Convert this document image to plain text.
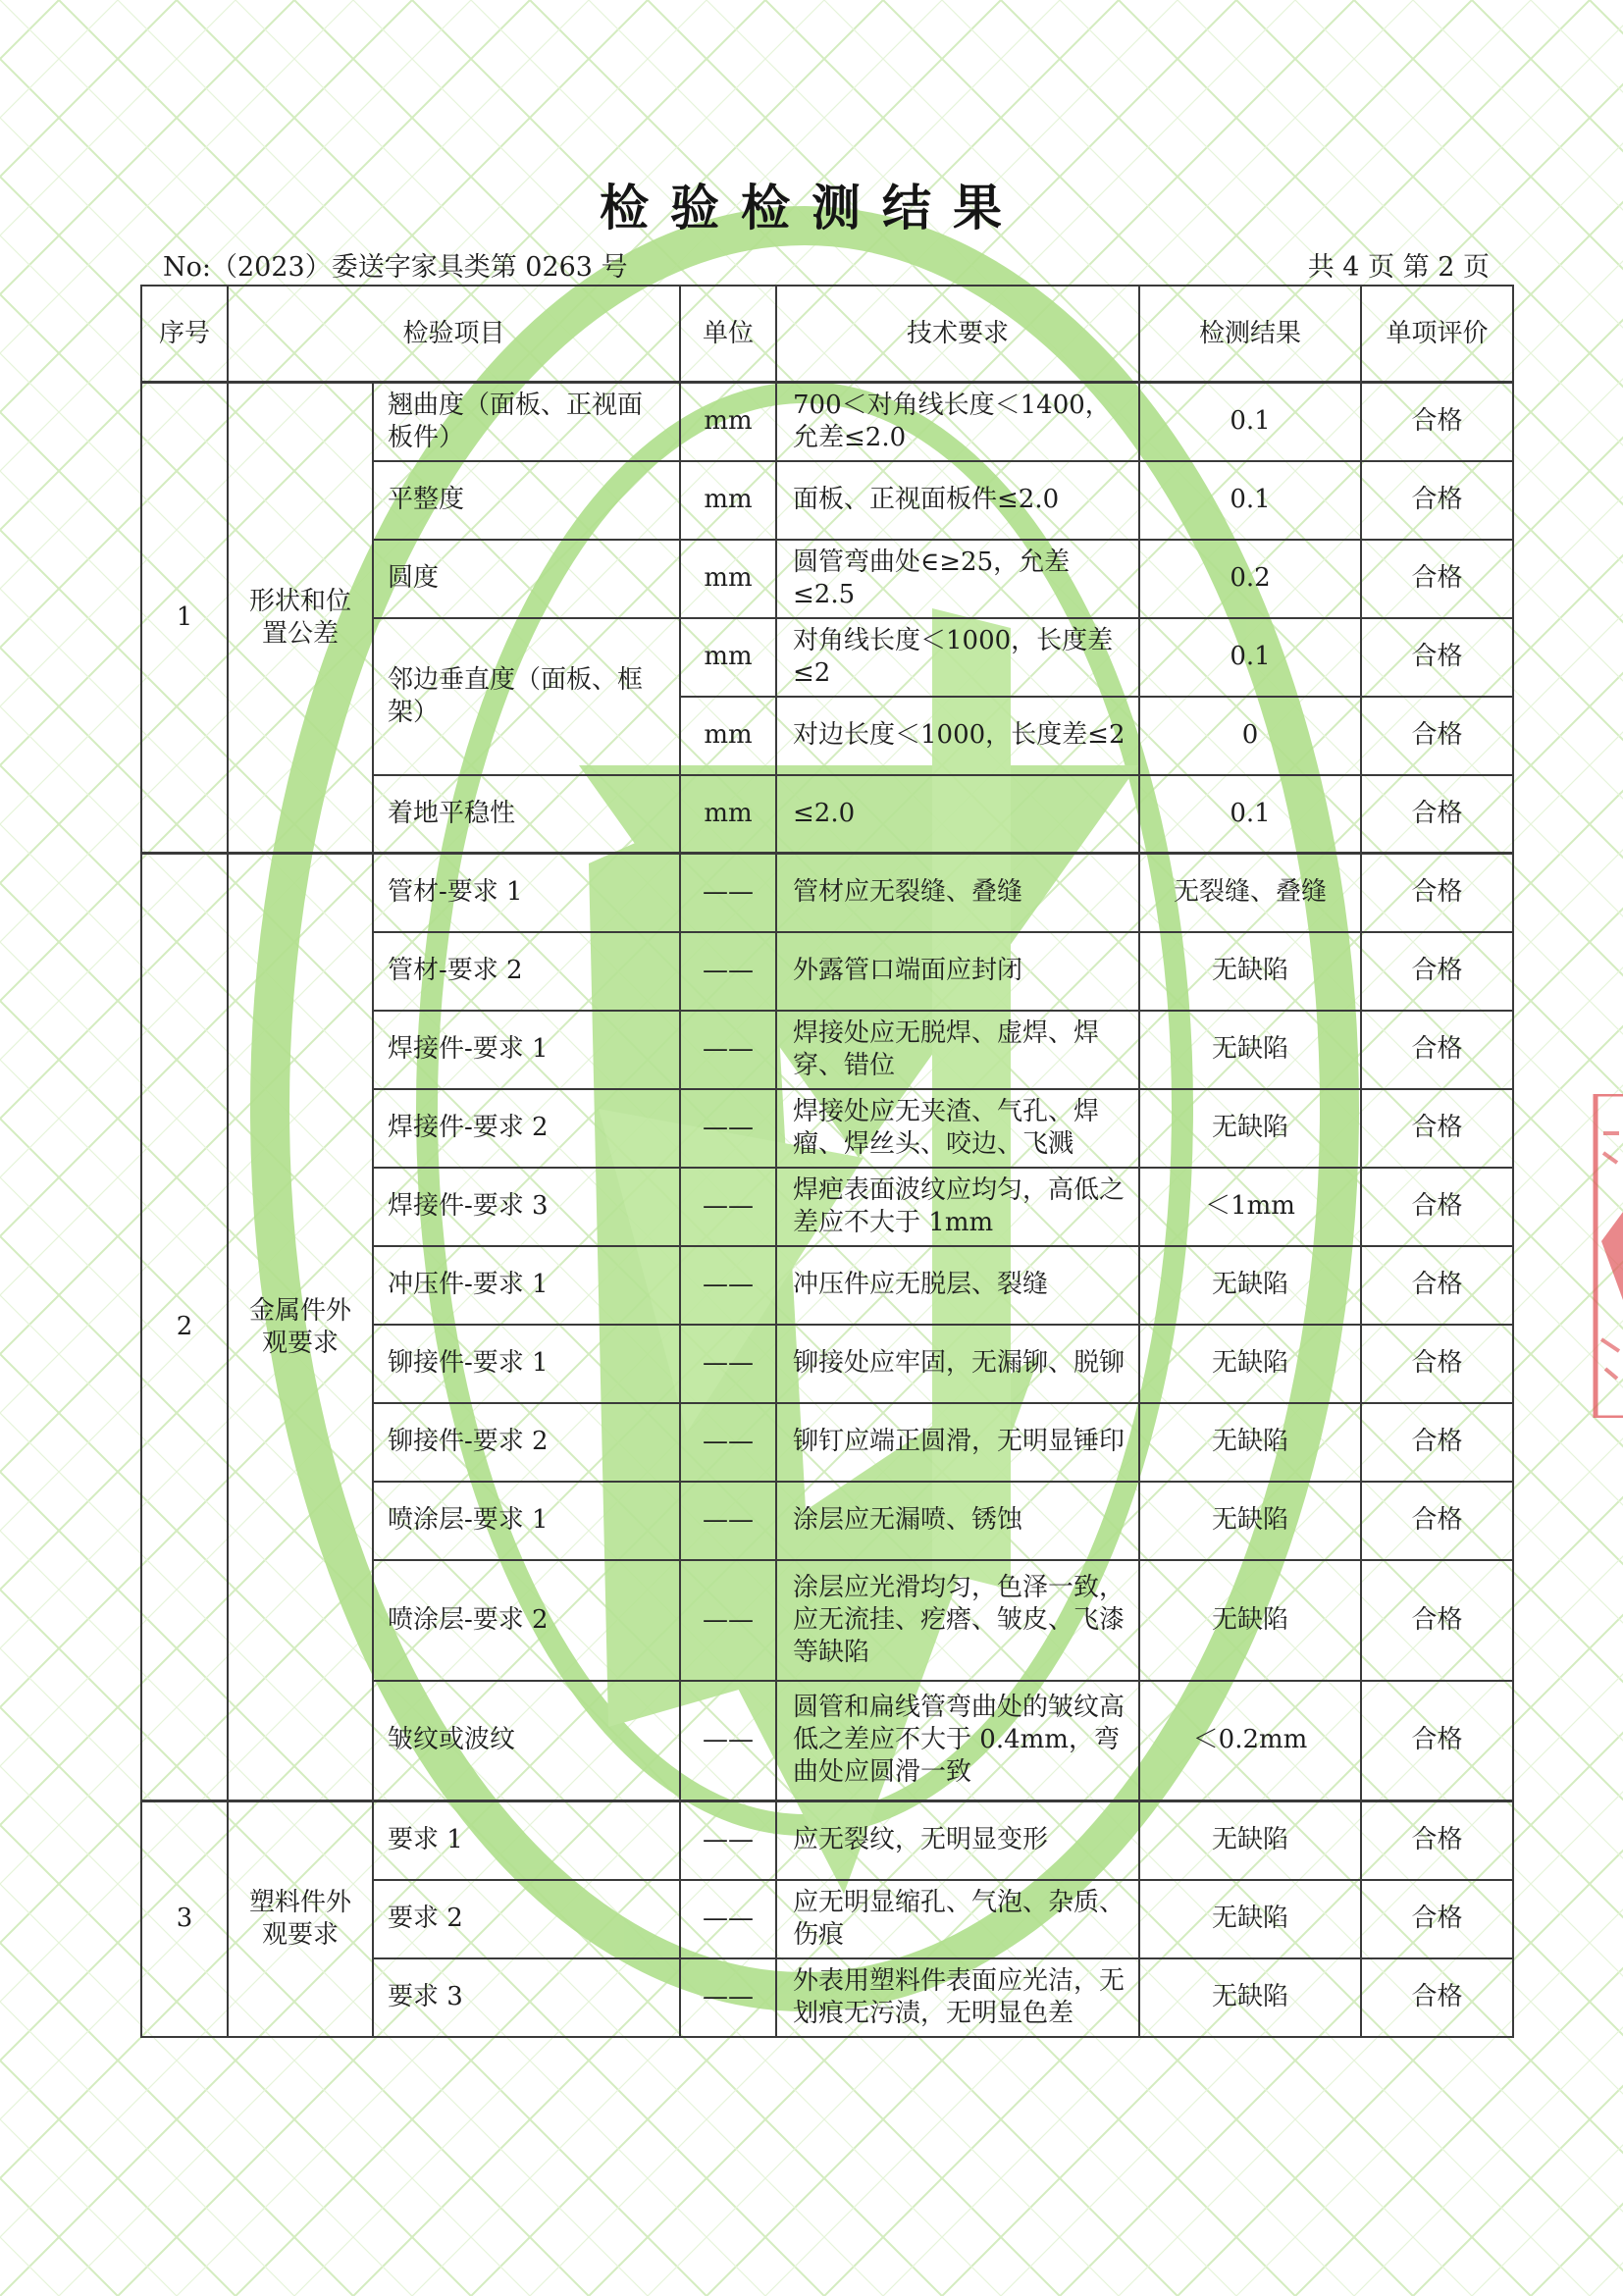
检验检测结果
No:（2023）委送字家具类第 0263 号	共 4 页 第 2 页
序号	检验项目		单位	技术要求	检测结果	单项评价
1	形状和位置公差	翘曲度（面板、正视面板件）	mm	700＜对角线长度＜1400，允差≤2.0	0.1	合格
		平整度	mm	面板、正视面板件≤2.0	0.1	合格
		圆度	mm	圆管弯曲处∈≥25，允差≤2.5	0.2	合格
		邻边垂直度（面板、框架）	mm	对角线长度＜1000，长度差≤2	0.1	合格
			mm	对边长度＜1000，长度差≤2	0	合格
		着地平稳性	mm	≤2.0	0.1	合格
2	金属件外观要求	管材-要求 1	——	管材应无裂缝、叠缝	无裂缝、叠缝	合格
		管材-要求 2	——	外露管口端面应封闭	无缺陷	合格
		焊接件-要求 1	——	焊接处应无脱焊、虚焊、焊穿、错位	无缺陷	合格
		焊接件-要求 2	——	焊接处应无夹渣、气孔、焊瘤、焊丝头、咬边、飞溅	无缺陷	合格
		焊接件-要求 3	——	焊疤表面波纹应均匀，高低之差应不大于 1mm	＜1mm	合格
		冲压件-要求 1	——	冲压件应无脱层、裂缝	无缺陷	合格
		铆接件-要求 1	——	铆接处应牢固，无漏铆、脱铆	无缺陷	合格
		铆接件-要求 2	——	铆钉应端正圆滑，无明显锤印	无缺陷	合格
		喷涂层-要求 1	——	涂层应无漏喷、锈蚀	无缺陷	合格
		喷涂层-要求 2	——	涂层应光滑均匀，色泽一致，应无流挂、疙瘩、皱皮、飞漆等缺陷	无缺陷	合格
		皱纹或波纹	——	圆管和扁线管弯曲处的皱纹高低之差应不大于 0.4mm，弯曲处应圆滑一致	＜0.2mm	合格
3	塑料件外观要求	要求 1	——	应无裂纹，无明显变形	无缺陷	合格
		要求 2	——	应无明显缩孔、气泡、杂质、伤痕	无缺陷	合格
		要求 3	——	外表用塑料件表面应光洁，无划痕无污渍，无明显色差	无缺陷	合格
